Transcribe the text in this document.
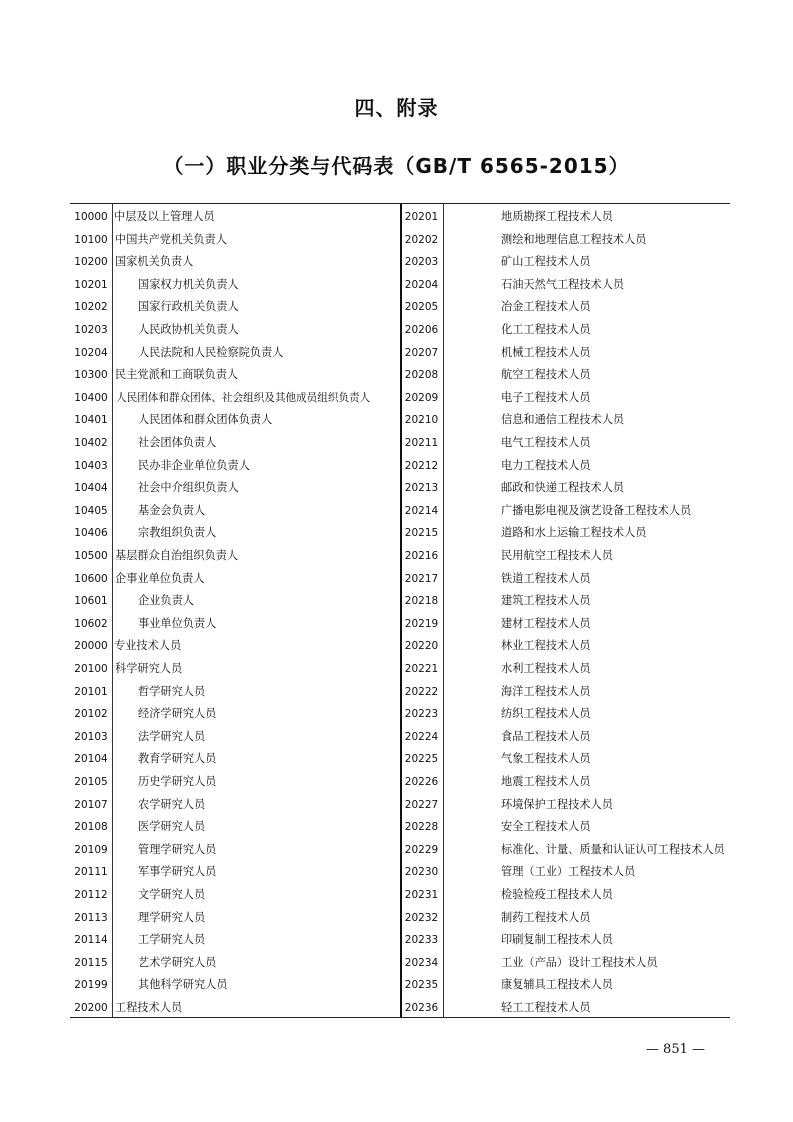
四、附录
（一）职业分类与代码表（GB/T 6565-2015）
10000 中层及以上管理人员
10100 中国共产党机关负责人
10200 国家机关负责人
10201	国家权力机关负责人
10202	国家行政机关负责人
10203	人民政协机关负责人
10204	人民法院和人民检察院负责人
10300 民主党派和工商联负责人
10400 人民团体和群众团体、社会组织及其他成员组织负责人
10401	人民团体和群众团体负责人
10402	社会团体负责人
10403	民办非企业单位负责人
10404	社会中介组织负责人
10405	基金会负责人
10406	宗教组织负责人
10500 基层群众自治组织负责人
10600 企事业单位负责人
10601	企业负责人
10602	事业单位负责人
20000 专业技术人员
20100 科学研究人员
20101	哲学研究人员
20102	经济学研究人员
20103	法学研究人员
20104	教育学研究人员
20105	历史学研究人员
20107	农学研究人员
20108	医学研究人员
20109	管理学研究人员
20111	军事学研究人员
20112	文学研究人员
20113	理学研究人员
20114	工学研究人员
20115	艺术学研究人员
20199	其他科学研究人员
20200 工程技术人员
20201	地质勘探工程技术人员
20202	测绘和地理信息工程技术人员
20203	矿山工程技术人员
20204	石油天然气工程技术人员
20205	冶金工程技术人员
20206	化工工程技术人员
20207	机械工程技术人员
20208	航空工程技术人员
20209	电子工程技术人员
20210	信息和通信工程技术人员
20211	电气工程技术人员
20212	电力工程技术人员
20213	邮政和快递工程技术人员
20214	广播电影电视及演艺设备工程技术人员
20215	道路和水上运输工程技术人员
20216	民用航空工程技术人员
20217	铁道工程技术人员
20218	建筑工程技术人员
20219	建材工程技术人员
20220	林业工程技术人员
20221	水利工程技术人员
20222	海洋工程技术人员
20223	纺织工程技术人员
20224	食品工程技术人员
20225	气象工程技术人员
20226	地震工程技术人员
20227	环境保护工程技术人员
20228	安全工程技术人员
20229	标准化、计量、质量和认证认可工程技术人员
20230	管理（工业）工程技术人员
20231	检验检疫工程技术人员
20232	制药工程技术人员
20233	印刷复制工程技术人员
20234	工业（产品）设计工程技术人员
20235	康复辅具工程技术人员
20236	轻工工程技术人员
— 851 —
